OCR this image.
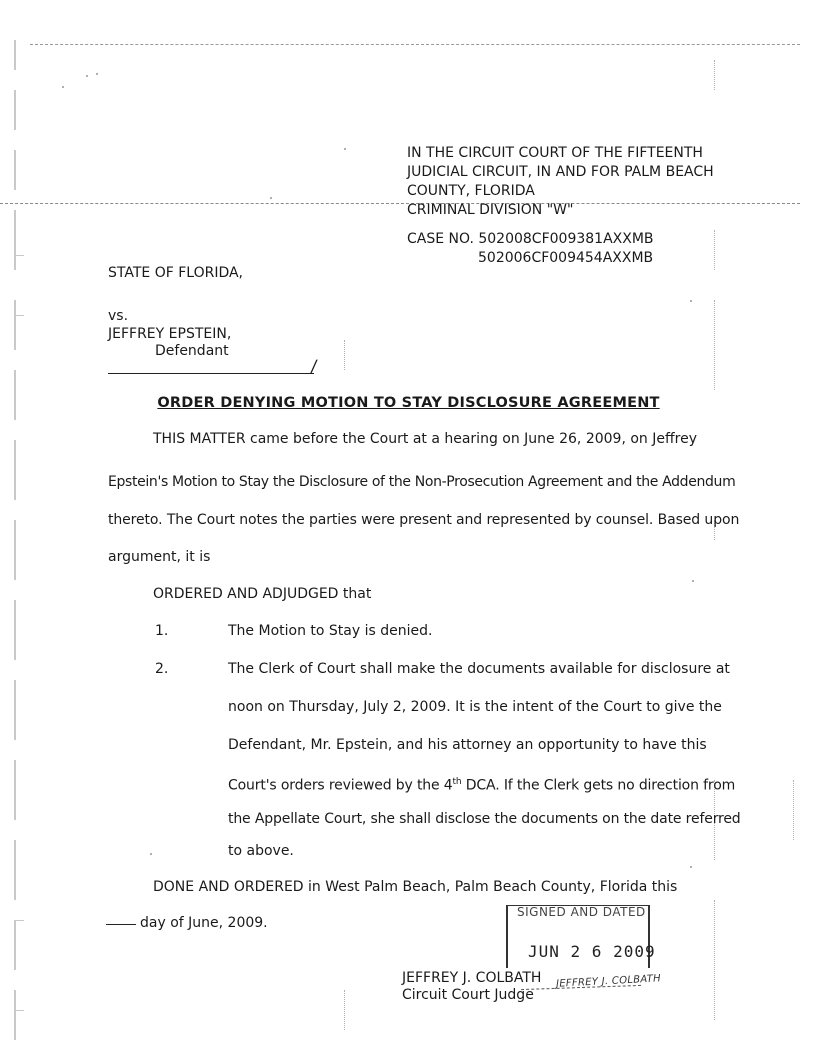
IN THE CIRCUIT COURT OF THE FIFTEENTH
JUDICIAL CIRCUIT, IN AND FOR PALM BEACH
COUNTY, FLORIDA
CRIMINAL DIVISION "W"
CASE NO. 502008CF009381AXXMB
502006CF009454AXXMB
STATE OF FLORIDA,
vs.
JEFFREY EPSTEIN,
Defendant
/
ORDER DENYING MOTION TO STAY DISCLOSURE AGREEMENT
THIS MATTER came before the Court at a hearing on June 26, 2009, on Jeffrey
Epstein's Motion to Stay the Disclosure of the Non-Prosecution Agreement and the Addendum
thereto. The Court notes the parties were present and represented by counsel. Based upon
argument, it is
ORDERED AND ADJUDGED that
1.	The Motion to Stay is denied.
2.	The Clerk of Court shall make the documents available for disclosure at
noon on Thursday, July 2, 2009. It is the intent of the Court to give the
Defendant, Mr. Epstein, and his attorney an opportunity to have this
Court's orders reviewed by the 4th DCA. If the Clerk gets no direction from
the Appellate Court, she shall disclose the documents on the date referred
to above.
DONE AND ORDERED in West Palm Beach, Palm Beach County, Florida this
day of June, 2009.
SIGNED AND DATED
JUN 2 6 2009
JEFFREY J. COLBATH
JEFFREY J. COLBATH
Circuit Court Judge
